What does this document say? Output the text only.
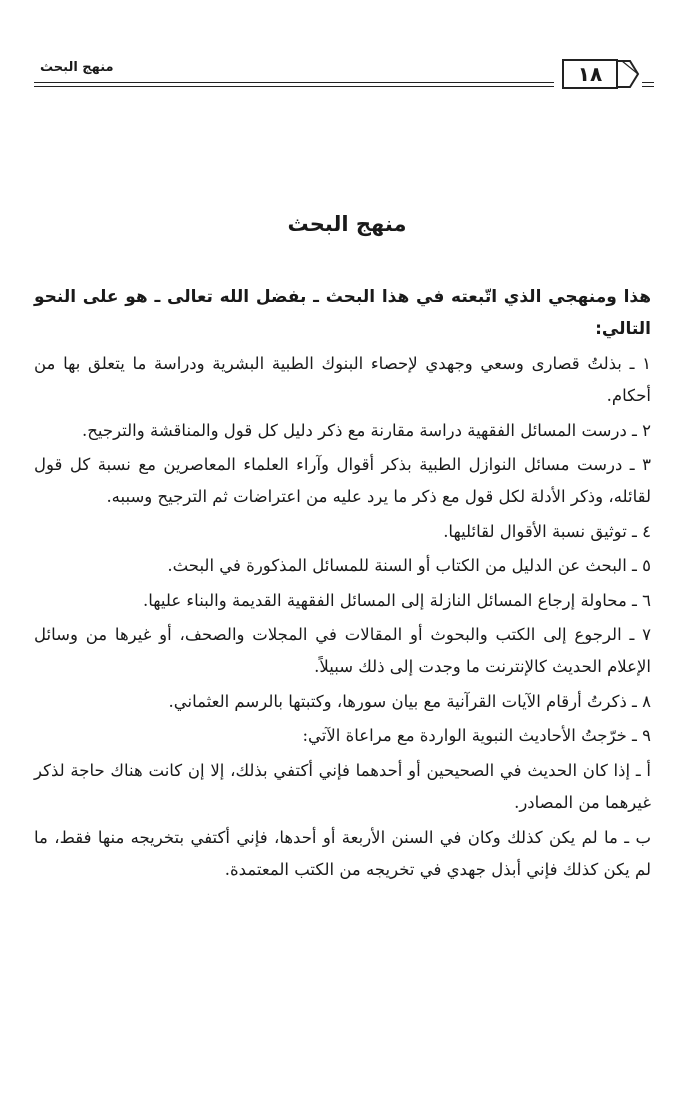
منهج البحث	١٨
منهج البحث

هذا ومنهجي الذي اتّبعته في هذا البحث ـ بفضل الله تعالى ـ هو على النحو التالي:

١ ـ بذلتُ قصارى وسعي وجهدي لإحصاء البنوك الطبية البشرية ودراسة ما يتعلق بها من أحكام.

٢ ـ درست المسائل الفقهية دراسة مقارنة مع ذكر دليل كل قول والمناقشة والترجيح.

٣ ـ درست مسائل النوازل الطبية بذكر أقوال وآراء العلماء المعاصرين مع نسبة كل قول لقائله، وذكر الأدلة لكل قول مع ذكر ما يرد عليه من اعتراضات ثم الترجيح وسببه.

٤ ـ توثيق نسبة الأقوال لقائليها.

٥ ـ البحث عن الدليل من الكتاب أو السنة للمسائل المذكورة في البحث.

٦ ـ محاولة إرجاع المسائل النازلة إلى المسائل الفقهية القديمة والبناء عليها.

٧ ـ الرجوع إلى الكتب والبحوث أو المقالات في المجلات والصحف، أو غيرها من وسائل الإعلام الحديث كالإنترنت ما وجدت إلى ذلك سبيلاً.

٨ ـ ذكرتُ أرقام الآيات القرآنية مع بيان سورها، وكتبتها بالرسم العثماني.

٩ ـ خرّجتُ الأحاديث النبوية الواردة مع مراعاة الآتي:

أ ـ إذا كان الحديث في الصحيحين أو أحدهما فإني أكتفي بذلك، إلا إن كانت هناك حاجة لذكر غيرهما من المصادر.

ب ـ ما لم يكن كذلك وكان في السنن الأربعة أو أحدها، فإني أكتفي بتخريجه منها فقط، ما لم يكن كذلك فإني أبذل جهدي في تخريجه من الكتب المعتمدة.
